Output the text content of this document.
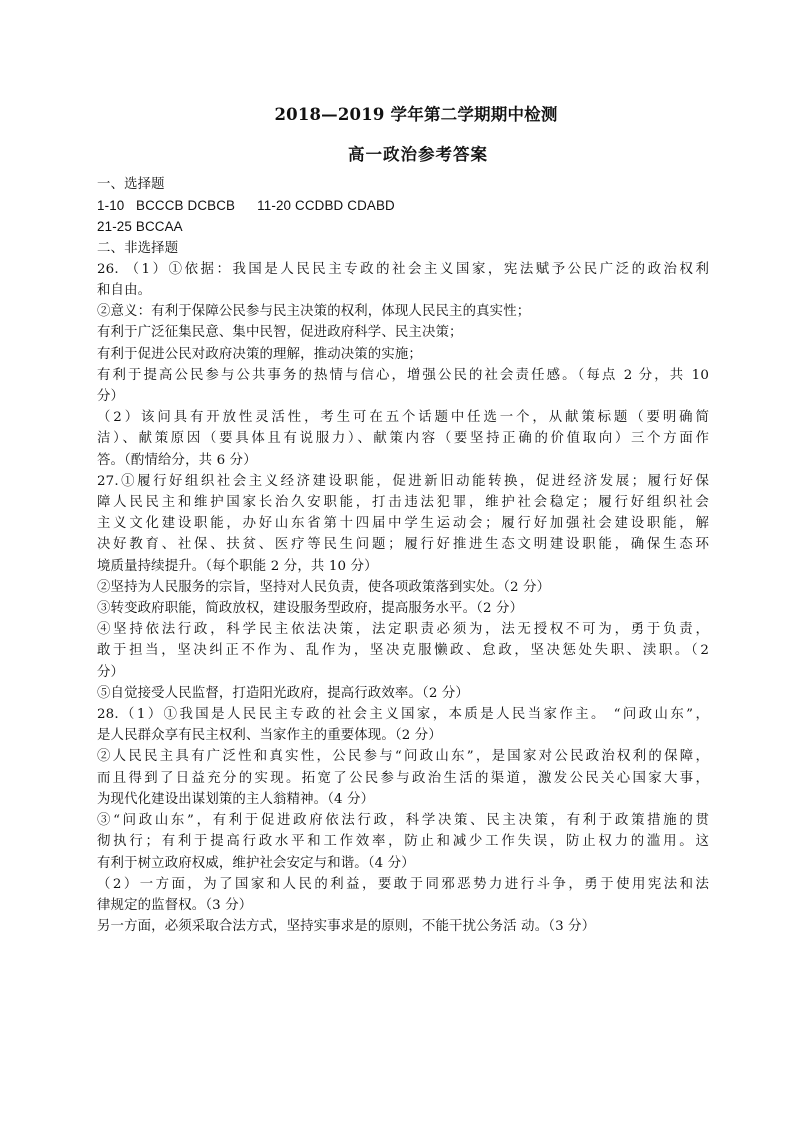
2018—2019 学年第二学期期中检测
高一政治参考答案
一、选择题
1-10   BCCCB DCBCB 11-20 CCDBD CDABD
21-25 BCCAA
二、非选择题
26. （1）①依据：我国是人民民主专政的社会主义国家，宪法赋予公民广泛的政治权利
和自由。
②意义：有利于保障公民参与民主决策的权利，体现人民民主的真实性；
有利于广泛征集民意、集中民智，促进政府科学、民主决策；
有利于促进公民对政府决策的理解，推动决策的实施；
有利于提高公民参与公共事务的热情与信心，增强公民的社会责任感。（每点 2 分，共 10
分）
（2）该问具有开放性灵活性，考生可在五个话题中任选一个，从献策标题（要明确简
洁）、献策原因（要具体且有说服力）、献策内容（要坚持正确的价值取向）三个方面作
答。（酌情给分，共 6 分）
27.①履行好组织社会主义经济建设职能，促进新旧动能转换，促进经济发展；履行好保
障人民民主和维护国家长治久安职能，打击违法犯罪，维护社会稳定；履行好组织社会
主义文化建设职能，办好山东省第十四届中学生运动会；履行好加强社会建设职能，解
决好教育、社保、扶贫、医疗等民生问题；履行好推进生态文明建设职能，确保生态环
境质量持续提升。（每个职能 2 分，共 10 分）
②坚持为人民服务的宗旨，坚持对人民负责，使各项政策落到实处。（2 分）
③转变政府职能，简政放权，建设服务型政府，提高服务水平。（2 分）
④坚持依法行政，科学民主依法决策，法定职责必须为，法无授权不可为，勇于负责，
敢于担当，坚决纠正不作为、乱作为，坚决克服懒政、怠政，坚决惩处失职、渎职。（2
分）
⑤自觉接受人民监督，打造阳光政府，提高行政效率。（2 分）
28.（1）①我国是人民民主专政的社会主义国家，本质是人民当家作主。 “问政山东”，
是人民群众享有民主权利、当家作主的重要体现。（2 分）
②人民民主具有广泛性和真实性，公民参与“问政山东”，是国家对公民政治权利的保障，
而且得到了日益充分的实现。拓宽了公民参与政治生活的渠道，激发公民关心国家大事，
为现代化建设出谋划策的主人翁精神。（4 分）
③“问政山东”，有利于促进政府依法行政，科学决策、民主决策，有利于政策措施的贯
彻执行；有利于提高行政水平和工作效率，防止和减少工作失误，防止权力的滥用。这
有利于树立政府权威，维护社会安定与和谐。（4 分）
（2）一方面，为了国家和人民的利益，要敢于同邪恶势力进行斗争，勇于使用宪法和法
律规定的监督权。（3 分）
另一方面，必须采取合法方式，坚持实事求是的原则，不能干扰公务活 动。（3 分）
